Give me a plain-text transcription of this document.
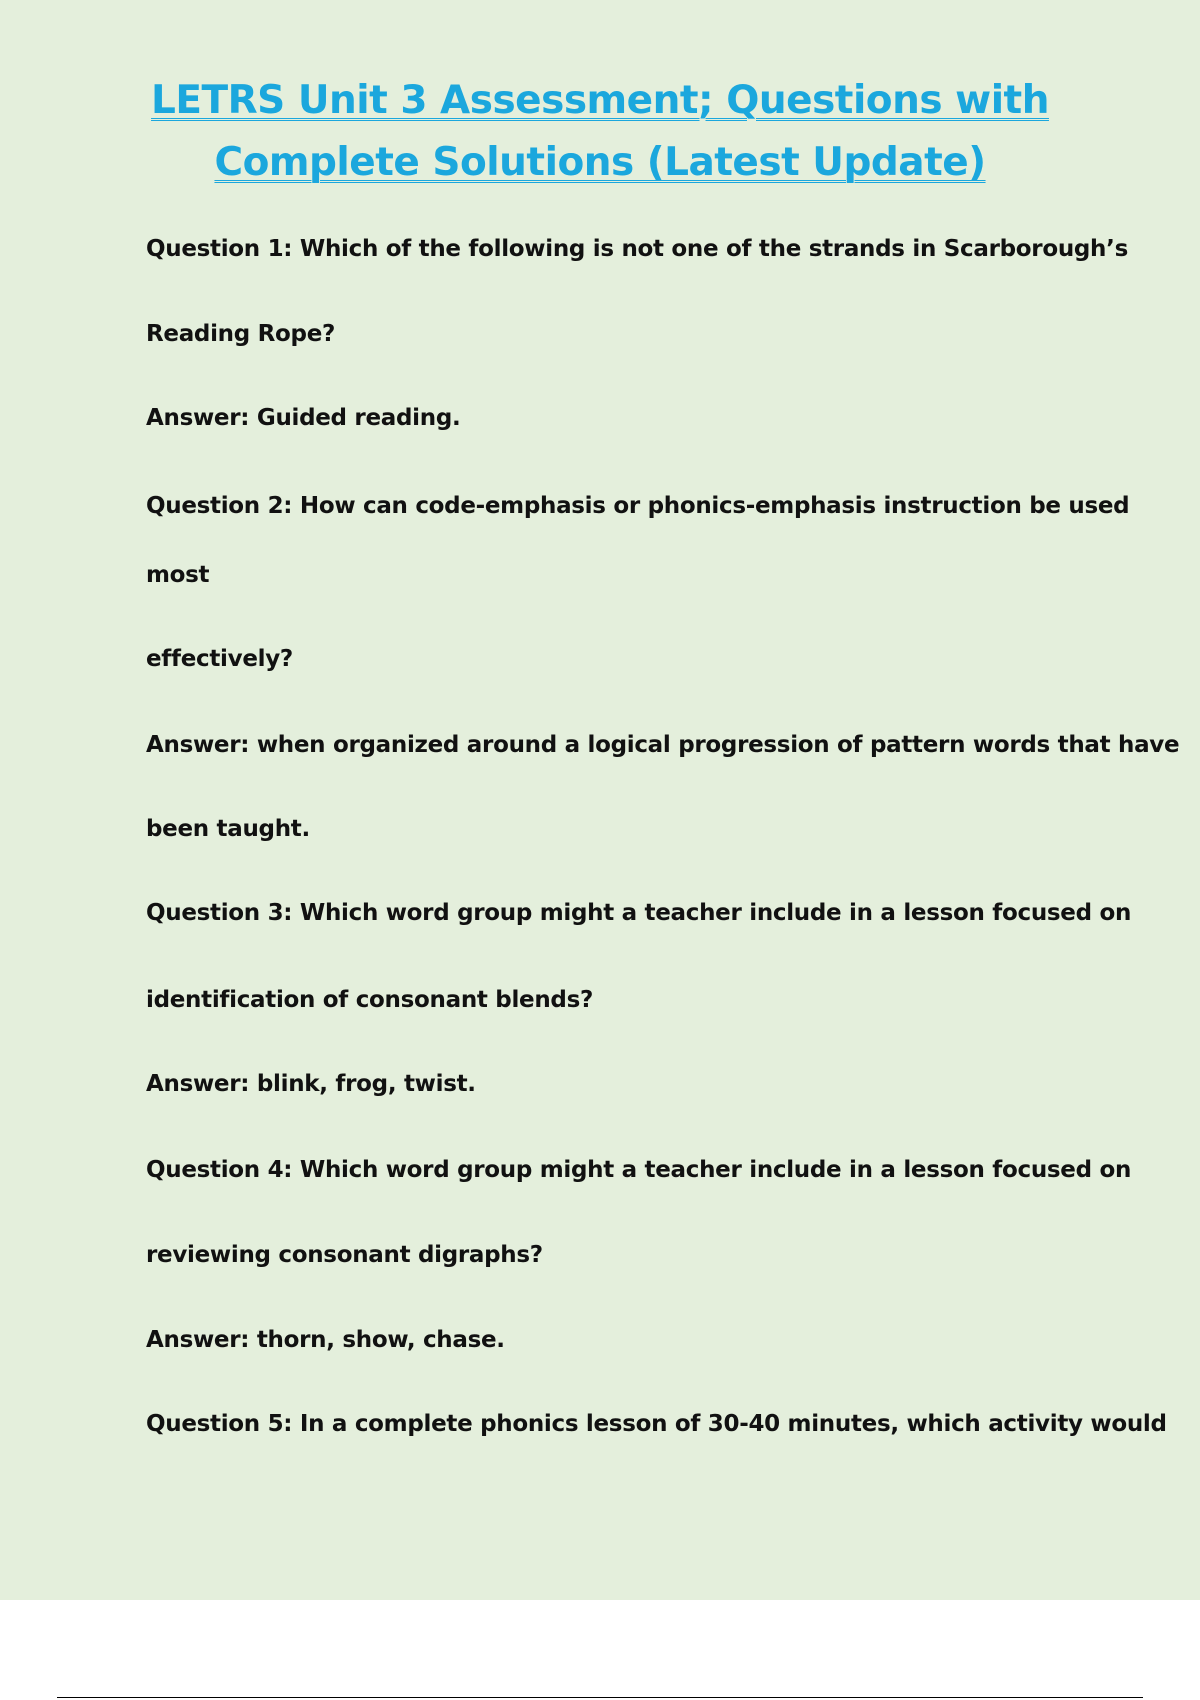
LETRS Unit 3 Assessment; Questions with
Complete Solutions (Latest Update)
Question 1: Which of the following is not one of the strands in Scarborough’s
Reading Rope?
Answer: Guided reading.
Question 2: How can code-emphasis or phonics-emphasis instruction be used
most
effectively?
Answer: when organized around a logical progression of pattern words that have
been taught.
Question 3: Which word group might a teacher include in a lesson focused on
identification of consonant blends?
Answer: blink, frog, twist.
Question 4: Which word group might a teacher include in a lesson focused on
reviewing consonant digraphs?
Answer: thorn, show, chase.
Question 5: In a complete phonics lesson of 30-40 minutes, which activity would
